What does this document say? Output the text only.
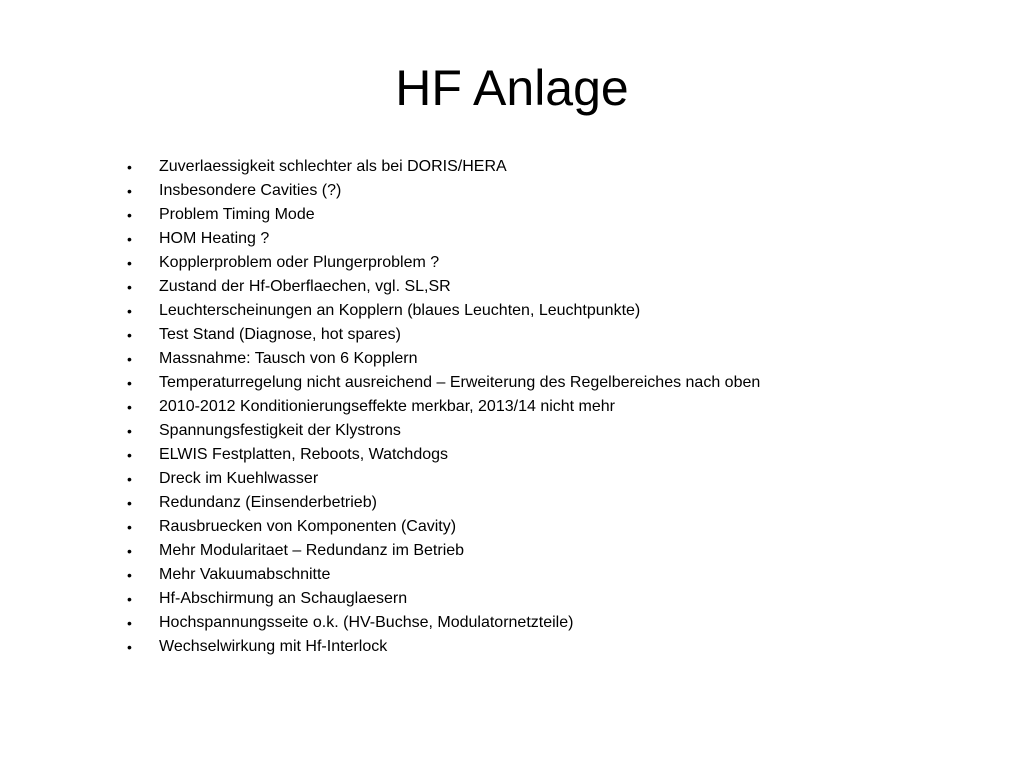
HF Anlage
•	Zuverlaessigkeit schlechter als bei DORIS/HERA
•	Insbesondere Cavities (?)
•	Problem Timing Mode
•	HOM Heating ?
•	Kopplerproblem oder Plungerproblem ?
•	Zustand der Hf-Oberflaechen, vgl. SL,SR
•	Leuchterscheinungen an Kopplern (blaues Leuchten, Leuchtpunkte)
•	Test Stand (Diagnose, hot spares)
•	Massnahme: Tausch von 6 Kopplern
•	Temperaturregelung nicht ausreichend – Erweiterung des Regelbereiches nach oben
•	2010-2012 Konditionierungseffekte merkbar, 2013/14 nicht mehr
•	Spannungsfestigkeit der Klystrons
•	ELWIS Festplatten, Reboots, Watchdogs
•	Dreck im Kuehlwasser
•	Redundanz (Einsenderbetrieb)
•	Rausbruecken von Komponenten (Cavity)
•	Mehr Modularitaet – Redundanz im Betrieb
•	Mehr Vakuumabschnitte
•	Hf-Abschirmung an Schauglaesern
•	Hochspannungsseite o.k. (HV-Buchse, Modulatornetzteile)
•	Wechselwirkung mit Hf-Interlock
